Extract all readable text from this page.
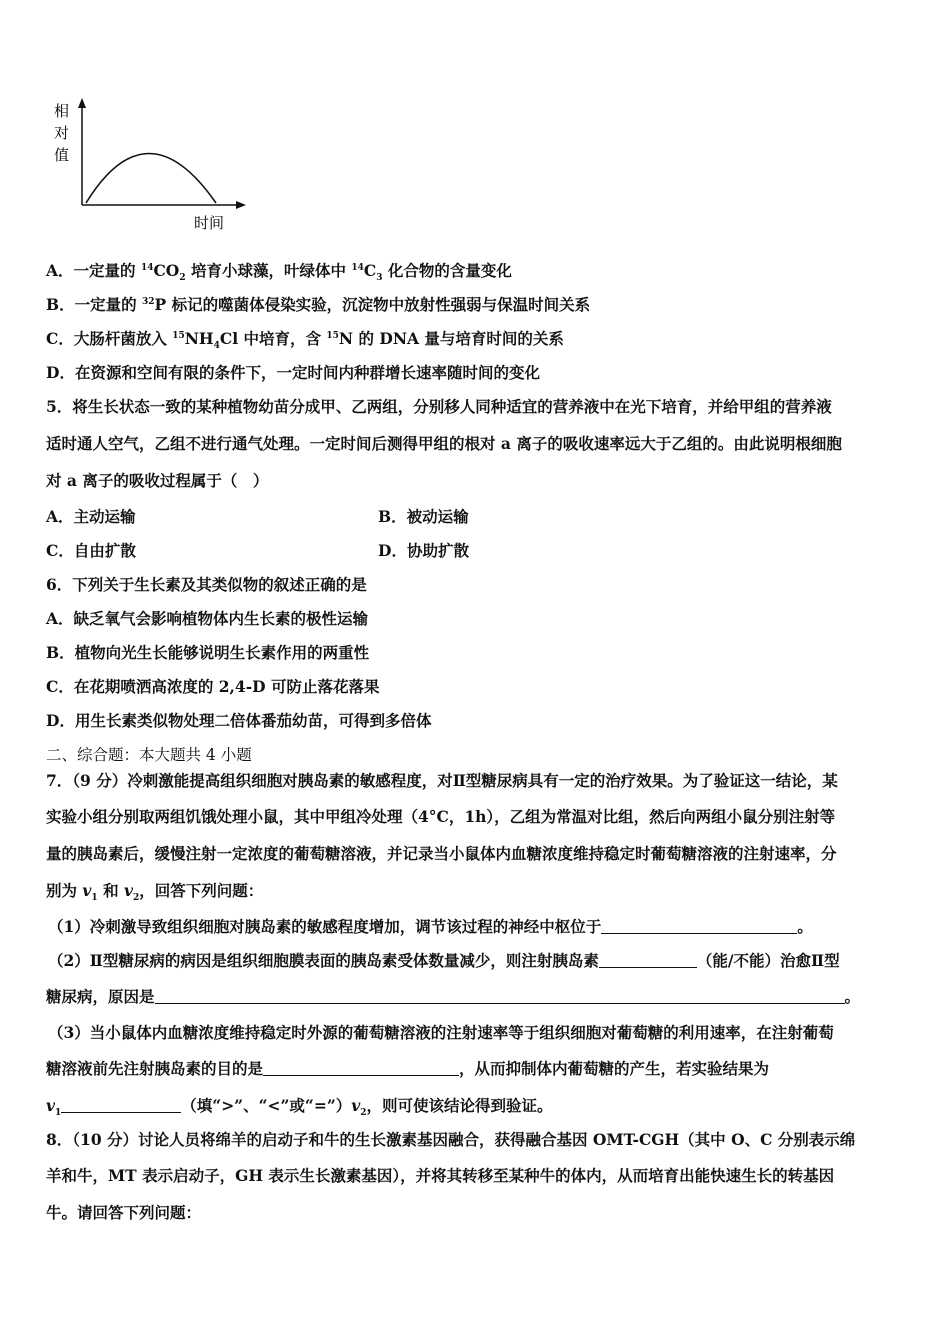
相
对
值
时间
A．一定量的 $^{14}CO_2$ 培育小球藻，叶绿体中 $^{14}C_3$ 化合物的含量变化
B．一定量的 $^{32}$P 标记的噬菌体侵染实验，沉淀物中放射性强弱与保温时间关系
C．大肠杆菌放入 $^{15}NH_4Cl$ 中培育，含 $^{15}$N 的 DNA 量与培育时间的关系
D．在资源和空间有限的条件下，一定时间内种群增长速率随时间的变化
5．将生长状态一致的某种植物幼苗分成甲、乙两组，分别移人同种适宜的营养液中在光下培育，并给甲组的营养液
适时通人空气，乙组不进行通气处理。一定时间后测得甲组的根对 a 离子的吸收速率远大于乙组的。由此说明根细胞
对 a 离子的吸收过程属于（　）
A．主动运输	B．被动运输
C．自由扩散	D．协助扩散
6．下列关于生长素及其类似物的叙述正确的是
A．缺乏氧气会影响植物体内生长素的极性运输
B．植物向光生长能够说明生长素作用的两重性
C．在花期喷洒高浓度的 2,4-D 可防止落花落果
D．用生长素类似物处理二倍体番茄幼苗，可得到多倍体
二、综合题：本大题共 4 小题
7．（9 分）冷刺激能提高组织细胞对胰岛素的敏感程度，对Ⅱ型糖尿病具有一定的治疗效果。为了验证这一结论，某
实验小组分别取两组饥饿处理小鼠，其中甲组冷处理（4°C，1h），乙组为常温对比组，然后向两组小鼠分别注射等
量的胰岛素后，缓慢注射一定浓度的葡萄糖溶液，并记录当小鼠体内血糖浓度维持稳定时葡萄糖溶液的注射速率，分
别为 $v_1$ 和 $v_2$，回答下列问题：
（1）冷刺激导致组织细胞对胰岛素的敏感程度增加，调节该过程的神经中枢位于	。
（2）Ⅱ型糖尿病的病因是组织细胞膜表面的胰岛素受体数量减少，则注射胰岛素	（能/不能）治愈Ⅱ型
糖尿病，原因是	。
（3）当小鼠体内血糖浓度维持稳定时外源的葡萄糖溶液的注射速率等于组织细胞对葡萄糖的利用速率，在注射葡萄
糖溶液前先注射胰岛素的目的是	，从而抑制体内葡萄糖的产生，若实验结果为
$v_1$	（填“>”、“<”或“$=”)v_2$，则可使该结论得到验证。
8．（10 分）讨论人员将绵羊的启动子和牛的生长激素基因融合，获得融合基因 OMT-CGH（其中 O、C 分别表示绵
羊和牛，MT 表示启动子，GH 表示生长激素基因），并将其转移至某种牛的体内，从而培育出能快速生长的转基因
牛。请回答下列问题：
